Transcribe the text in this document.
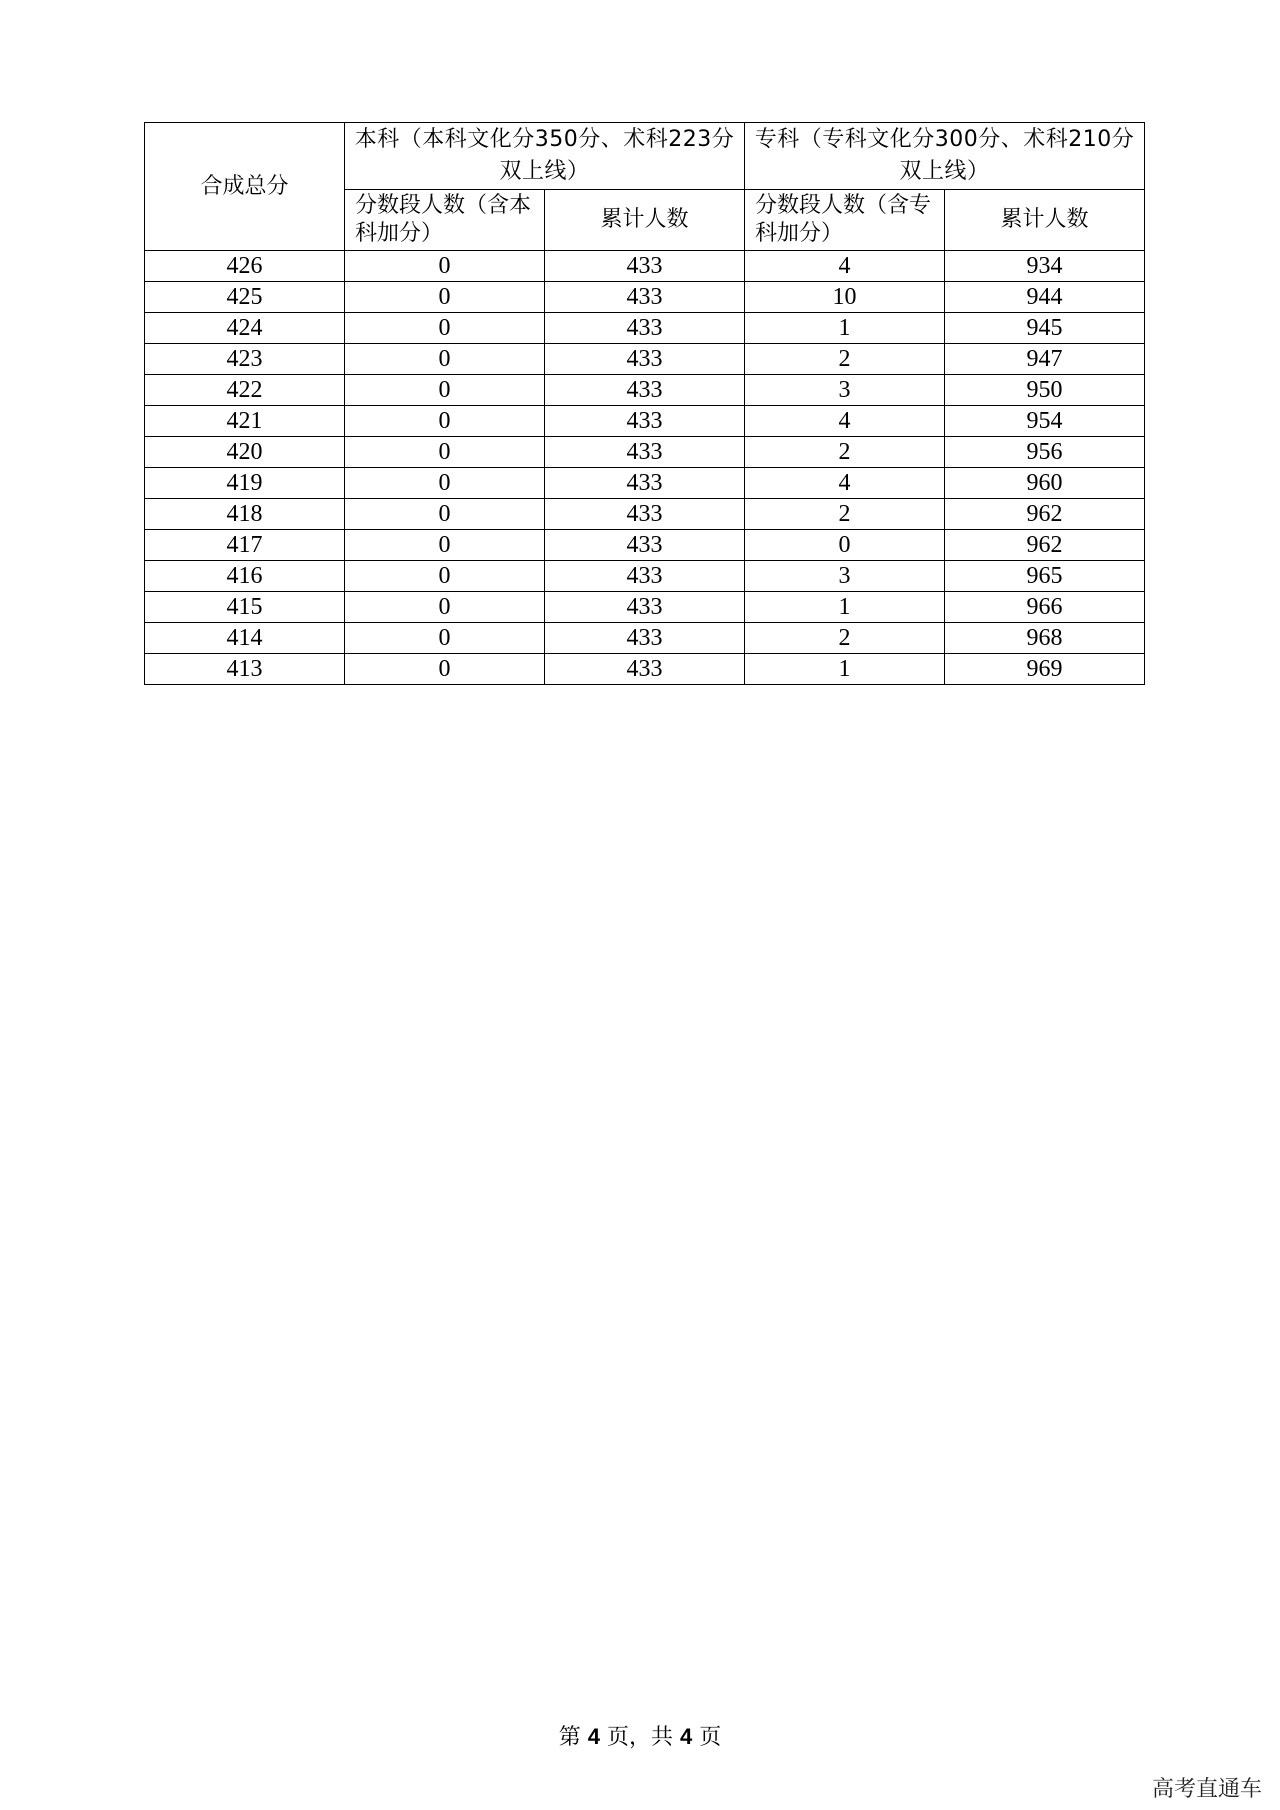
合成总分	本科（本科文化分350分、术科223分双上线）		专科（专科文化分300分、术科210分双上线）	
	分数段人数（含本科加分）	累计人数	分数段人数（含专科加分）	累计人数
426	0	433	4	934
425	0	433	10	944
424	0	433	1	945
423	0	433	2	947
422	0	433	3	950
421	0	433	4	954
420	0	433	2	956
419	0	433	4	960
418	0	433	2	962
417	0	433	0	962
416	0	433	3	965
415	0	433	1	966
414	0	433	2	968
413	0	433	1	969
第 4 页，共 4 页
高考直通车
